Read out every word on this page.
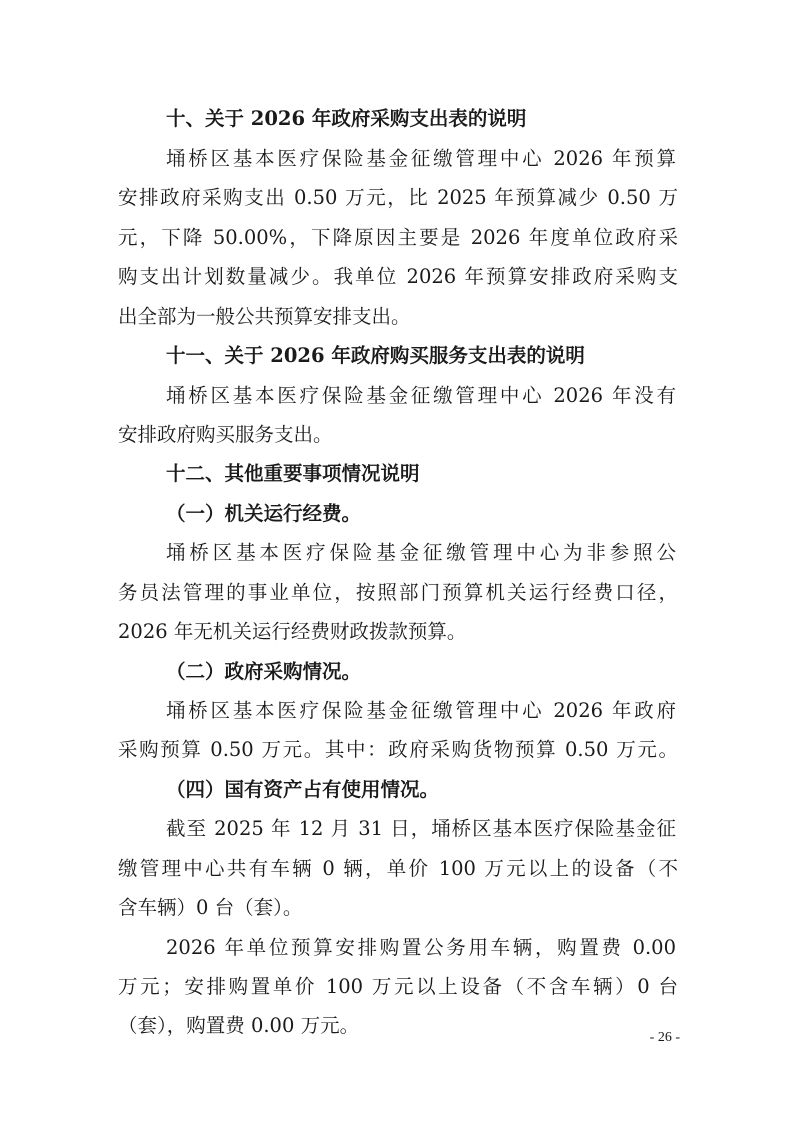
十、关于 2026 年政府采购支出表的说明
埇桥区基本医疗保险基金征缴管理中心 2026 年预算
安排政府采购支出 0.50 万元，比 2025 年预算减少 0.50 万
元，下降 50.00%，下降原因主要是 2026 年度单位政府采
购支出计划数量减少。我单位 2026 年预算安排政府采购支
出全部为一般公共预算安排支出。
十一、关于 2026 年政府购买服务支出表的说明
埇桥区基本医疗保险基金征缴管理中心 2026 年没有
安排政府购买服务支出。
十二、其他重要事项情况说明
（一）机关运行经费。
埇桥区基本医疗保险基金征缴管理中心为非参照公
务员法管理的事业单位，按照部门预算机关运行经费口径，
2026 年无机关运行经费财政拨款预算。
（二）政府采购情况。
埇桥区基本医疗保险基金征缴管理中心 2026 年政府
采购预算 0.50 万元。其中：政府采购货物预算 0.50 万元。
（四）国有资产占有使用情况。
截至 2025 年 12 月 31 日，埇桥区基本医疗保险基金征
缴管理中心共有车辆 0 辆，单价 100 万元以上的设备（不
含车辆）0 台（套）。
2026 年单位预算安排购置公务用车辆，购置费 0.00
万元；安排购置单价 100 万元以上设备（不含车辆）0 台
（套），购置费 0.00 万元。
- 26 -
